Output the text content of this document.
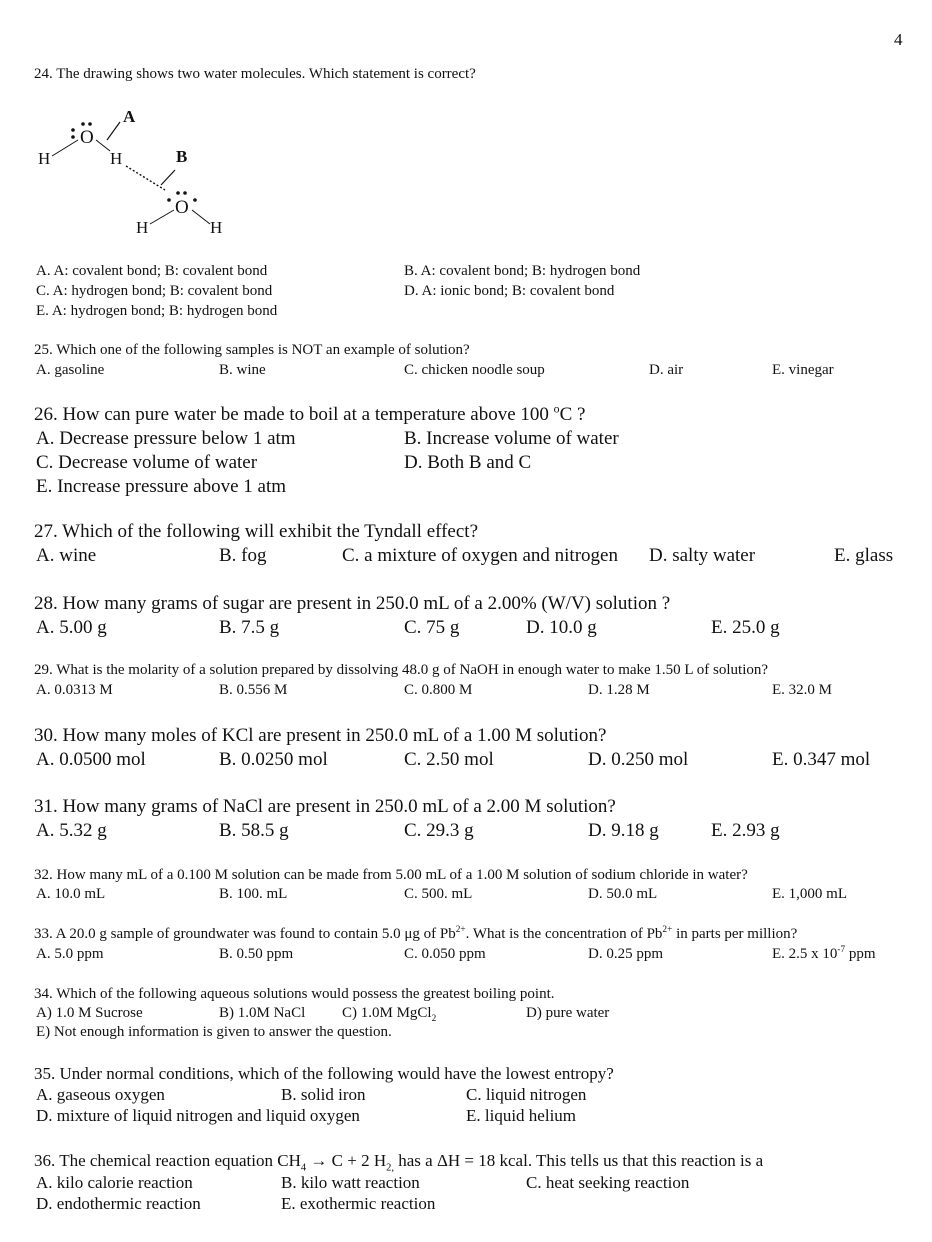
4
24. The drawing shows two water molecules. Which statement is correct?
A
O
H	H	B
O
H	H
A. A: covalent bond; B: covalent bond	B. A: covalent bond; B: hydrogen bond
C. A: hydrogen bond; B: covalent bond	D. A: ionic bond; B: covalent bond
E. A: hydrogen bond; B: hydrogen bond
25. Which one of the following samples is NOT an example of solution?
A. gasoline	B. wine	C. chicken noodle soup	D. air	E. vinegar
26. How can pure water be made to boil at a temperature above 100 $^o$C ?
A. Decrease pressure below 1 atm	B. Increase volume of water
C. Decrease volume of water	D. Both B and C
E. Increase pressure above 1 atm
27. Which of the following will exhibit the Tyndall effect?
A. wine	B. fog	C. a mixture of oxygen and nitrogen D. salty water	E. glass
28. How many grams of sugar are present in 250.0 mL of a 2.00% (W/V) solution ?
A. 5.00 g	B. 7.5 g	C. 75 g	D. 10.0 g	E. 25.0 g
29. What is the molarity of a solution prepared by dissolving 48.0 g of NaOH in enough water to make 1.50 L of solution?
A. 0.0313 M	B. 0.556 M	C. 0.800 M	D. 1.28 M	E. 32.0 M
30. How many moles of KCl are present in 250.0 mL of a 1.00 M solution?
A. 0.0500 mol	B. 0.0250 mol	C. 2.50 mol	D. 0.250 mol	E. 0.347 mol
31. How many grams of NaCl are present in 250.0 mL of a 2.00 M solution?
A. 5.32 g	B. 58.5 g	C. 29.3 g	D. 9.18 g	E. 2.93 g
32. How many mL of a 0.100 M solution can be made from 5.00 mL of a 1.00 M solution of sodium chloride in water?
A. 10.0 mL	B. 100. mL	C. 500. mL	D. 50.0 mL	E. 1,000 mL
33. A 20.0 g sample of groundwater was found to contain 5.0 μg of $Pb^{2+}$. What is the concentration of $Pb^{2+}$ in parts per million?
A. 5.0 ppm	B. 0.50 ppm	C. 0.050 ppm	D. 0.25 ppm	E. 2.5 x $10^{-7}$ ppm
34. Which of the following aqueous solutions would possess the greatest boiling point.
A) 1.0 M Sucrose	B) 1.0M NaCl C) 1.0M MgCl$_2$	D) pure water
E) Not enough information is given to answer the question.
35. Under normal conditions, which of the following would have the lowest entropy?
A. gaseous oxygen	B. solid iron	C. liquid nitrogen
D. mixture of liquid nitrogen and liquid oxygen	E. liquid helium
36. The chemical reaction equation $CH_4 \to C + 2$ $H_{2,}$ has a ΔH = 18 kcal. This tells us that this reaction is a
A. kilo calorie reaction	B. kilo watt reaction	C. heat seeking reaction
D. endothermic reaction	E. exothermic reaction
